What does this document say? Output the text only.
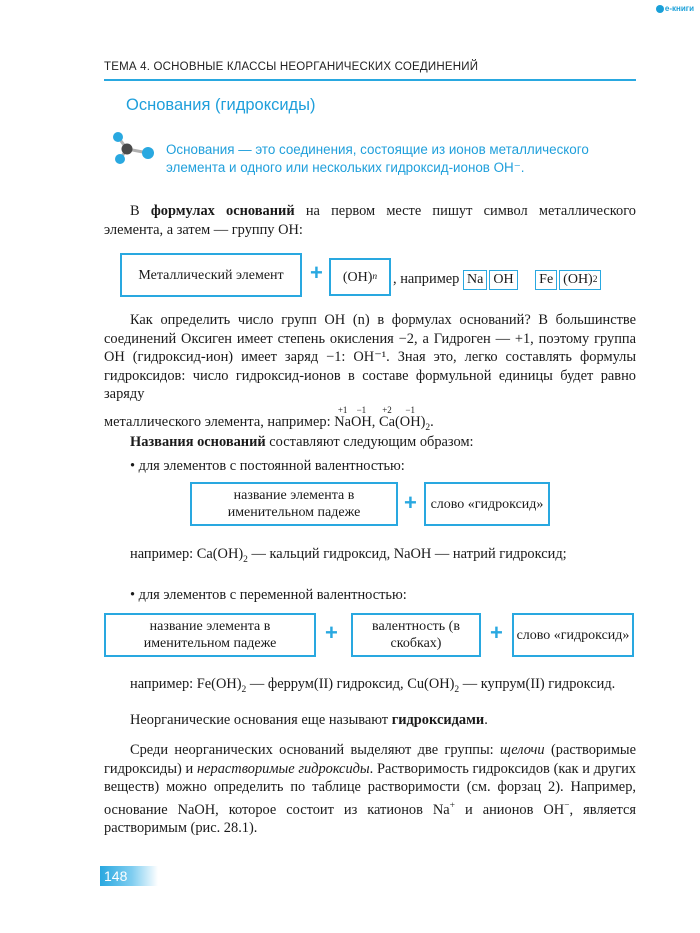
e-книги
ТЕМА 4. ОСНОВНЫЕ КЛАССЫ НЕОРГАНИЧЕСКИХ СОЕДИНЕНИЙ
Основания (гидроксиды)
Основания — это соединения, состоящие из ионов металлического элемента и одного или нескольких гидроксид-ионов OH⁻.
В формулах оснований на первом месте пишут символ металлического элемента, а затем — группу OH:
Металлический элемент	+ (OH) n , например Na OH Fe (OH) 2
Как определить число групп OH (n) в формулах оснований? В большинстве соединений Оксиген имеет степень окисления −2, а Гидроген — +1, поэтому группа OH (гидроксид-ион) имеет заряд −1: OH⁻¹. Зная это, легко составлять формулы гидроксидов: число гидроксид-ионов в составе формульной единицы будет равно заряду
металлического элемента, например:
+1
Na
−1
OH,
+2
Ca
−1
$(OH)_2$.
Названия оснований составляют следующим образом:
• для элементов с постоянной валентностью:
название элемента в именительном падеже	+ слово «гидроксид»
например: $Ca(OH)_2$ — кальций гидроксид, NaOH — натрий гидроксид;
• для элементов с переменной валентностью:
название элемента в именительном падеже	+	валентность (в скобках)	+ слово «гидроксид»
например: $Fe(OH)_2$ — феррум(II) гидроксид, $Cu(OH)_2$ — купрум(II) гидроксид.
Неорганические основания еще называют гидроксидами.
Среди неорганических оснований выделяют две группы: щелочи (растворимые гидроксиды) и нерастворимые гидроксиды. Растворимость гидроксидов (как и других веществ) можно определить по таблице растворимости (см. форзац 2). Например, основание NaOH, которое состоит из катионов Na+ и анионов OH−, является растворимым (рис. 28.1).
148
